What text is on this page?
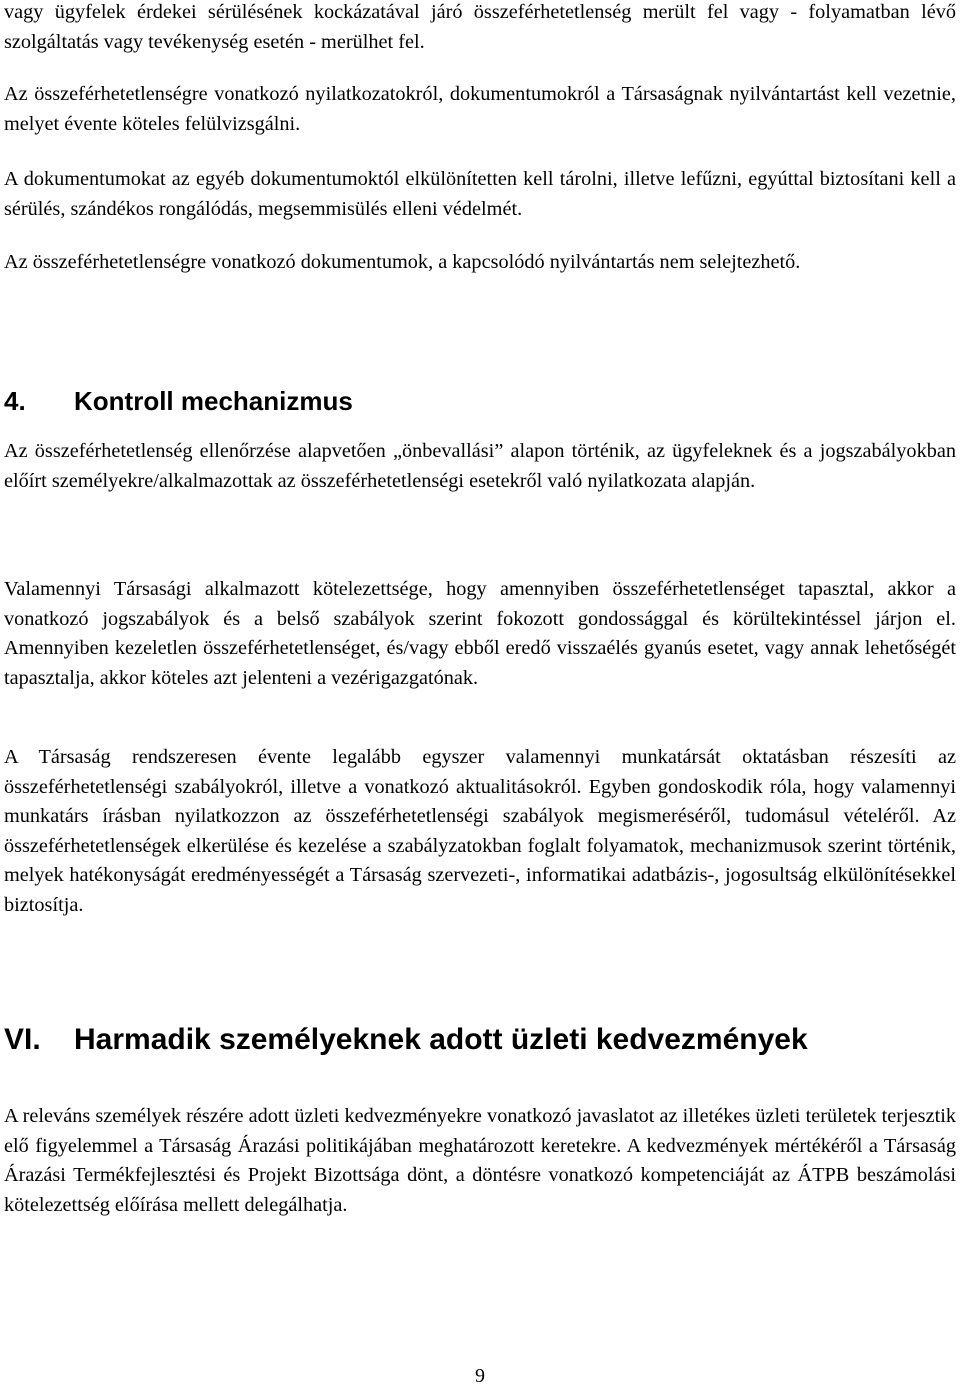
vagy ügyfelek érdekei sérülésének kockázatával járó összeférhetetlenség merült fel vagy - folyamatban lévő szolgáltatás vagy tevékenység esetén - merülhet fel.

Az összeférhetetlenségre vonatkozó nyilatkozatokról, dokumentumokról a Társaságnak nyilvántartást kell vezetnie, melyet évente köteles felülvizsgálni.

A dokumentumokat az egyéb dokumentumoktól elkülönítetten kell tárolni, illetve lefűzni, egyúttal biztosítani kell a sérülés, szándékos rongálódás, megsemmisülés elleni védelmét.

Az összeférhetetlenségre vonatkozó dokumentumok, a kapcsolódó nyilvántartás nem selejtezhető.

4. Kontroll mechanizmus

Az összeférhetetlenség ellenőrzése alapvetően „önbevallási” alapon történik, az ügyfeleknek és a jogszabályokban előírt személyekre/alkalmazottak az összeférhetetlenségi esetekről való nyilatkozata alapján.

Valamennyi Társasági alkalmazott kötelezettsége, hogy amennyiben összeférhetetlenséget tapasztal, akkor a vonatkozó jogszabályok és a belső szabályok szerint fokozott gondossággal és körültekintéssel járjon el. Amennyiben kezeletlen összeférhetetlenséget, és/vagy ebből eredő visszaélés gyanús esetet, vagy annak lehetőségét tapasztalja, akkor köteles azt jelenteni a vezérigazgatónak.

A Társaság rendszeresen évente legalább egyszer valamennyi munkatársát oktatásban részesíti az összeférhetetlenségi szabályokról, illetve a vonatkozó aktualitásokról. Egyben gondoskodik róla, hogy valamennyi munkatárs írásban nyilatkozzon az összeférhetetlenségi szabályok megismeréséről, tudomásul vételéről. Az összeférhetetlenségek elkerülése és kezelése a szabályzatokban foglalt folyamatok, mechanizmusok szerint történik, melyek hatékonyságát eredményességét a Társaság szervezeti-, informatikai adatbázis-, jogosultság elkülönítésekkel biztosítja.

VI. Harmadik személyeknek adott üzleti kedvezmények

A releváns személyek részére adott üzleti kedvezményekre vonatkozó javaslatot az illetékes üzleti területek terjesztik elő figyelemmel a Társaság Árazási politikájában meghatározott keretekre. A kedvezmények mértékéről a Társaság Árazási Termékfejlesztési és Projekt Bizottsága dönt, a döntésre vonatkozó kompetenciáját az ÁTPB beszámolási kötelezettség előírása mellett delegálhatja.

9
